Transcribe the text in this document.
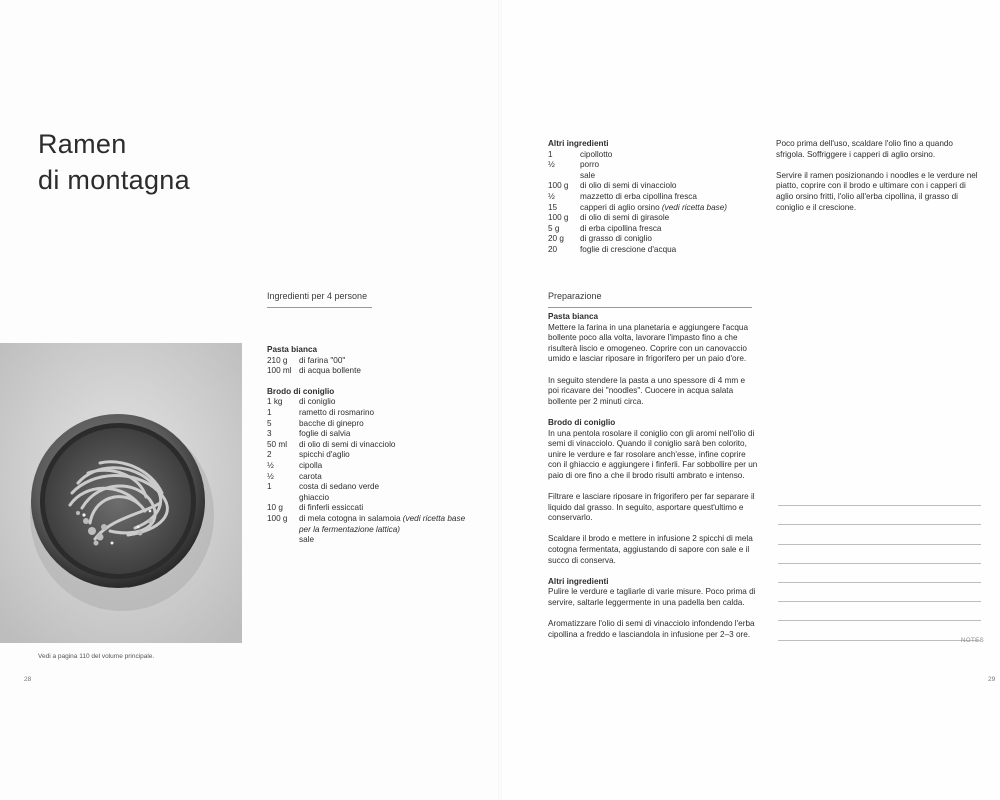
Ramen
di montagna
Vedi a pagina 110 del volume principale.
28	29
Ingredienti per 4 persone
Pasta bianca
210 g	di farina "00"
100 ml di acqua bollente
Brodo di coniglio
1 kg	di coniglio
1	rametto di rosmarino
5	bacche di ginepro
3	foglie di salvia
50 ml	di olio di semi di vinacciolo
2	spicchi d'aglio
½	cipolla
½	carota
1	costa di sedano verde
ghiaccio
10 g	di finferli essiccati
100 g	di mela cotogna in salamoia (vedi ricetta base per la fermentazione lattica)
sale
Altri ingredienti
1	cipollotto
½	porro
sale
100 g	di olio di semi di vinacciolo
½	mazzetto di erba cipollina fresca
15	capperi di aglio orsino (vedi ricetta base)
100 g	di olio di semi di girasole
5 g	di erba cipollina fresca
20 g	di grasso di coniglio
20	foglie di crescione d'acqua
Preparazione

Pasta bianca
Mettere la farina in una planetaria e aggiungere l'acqua bollente poco alla volta, lavorare l'impasto fino a che risulterà liscio e omogeneo. Coprire con un canovaccio umido e lasciar riposare in frigorifero per un paio d'ore.

In seguito stendere la pasta a uno spessore di 4 mm e poi ricavare dei "noodles". Cuocere in acqua salata bollente per 2 minuti circa.

Brodo di coniglio
In una pentola rosolare il coniglio con gli aromi nell'olio di semi di vinacciolo. Quando il coniglio sarà ben colorito, unire le verdure e far rosolare anch'esse, infine coprire con il ghiaccio e aggiungere i finferli. Far sobbollire per un paio di ore fino a che il brodo risulti ambrato e intenso.

Filtrare e lasciare riposare in frigorifero per far separare il liquido dal grasso. In seguito, asportare quest'ultimo e conservarlo.

Scaldare il brodo e mettere in infusione 2 spicchi di mela cotogna fermentata, aggiustando di sapore con sale e il succo di conserva.

Altri ingredienti
Pulire le verdure e tagliarle di varie misure. Poco prima di servire, saltarle leggermente in una padella ben calda.

Aromatizzare l'olio di semi di vinacciolo infondendo l'erba cipollina a freddo e lasciandola in infusione per 2–3 ore.

Poco prima dell'uso, scaldare l'olio fino a quando sfrigola. Soffriggere i capperi di aglio orsino.

Servire il ramen posizionando i noodles e le verdure nel piatto, coprire con il brodo e ultimare con i capperi di aglio orsino fritti, l'olio all'erba cipollina, il grasso di coniglio e il crescione.

NOTES
